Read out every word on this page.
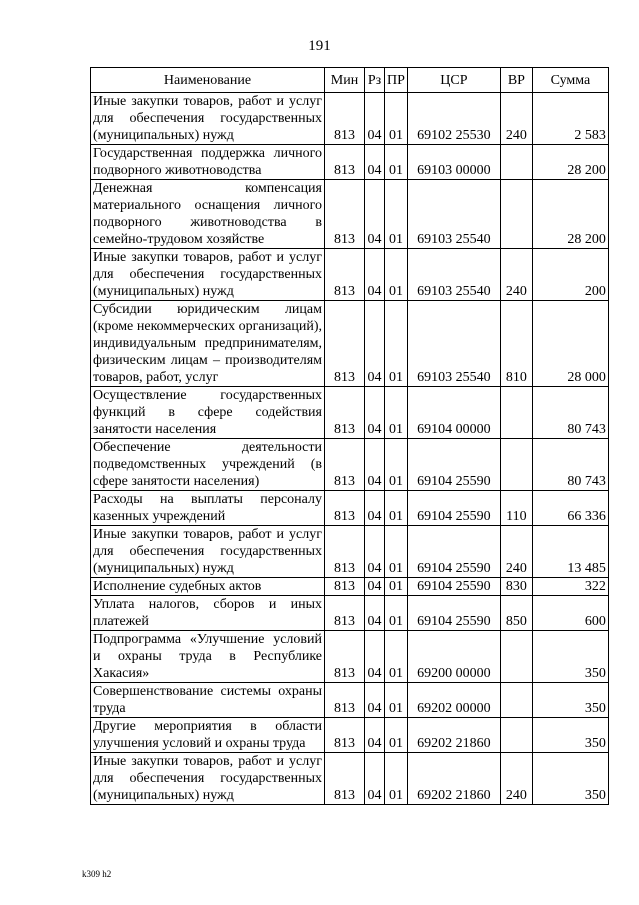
191
Наименование	Мин	Рз	ПР	ЦСР	ВР	Сумма
Иные закупки товаров, работ и услуг для обеспечения государственных (муниципальных) нужд	813	04	01	69102 25530	240	2 583
Государственная поддержка личного подворного животноводства	813	04	01	69103 00000		28 200
Денежная компенсация материального оснащения личного подворного животноводства в семейно-трудовом хозяйстве	813	04	01	69103 25540		28 200
Иные закупки товаров, работ и услуг для обеспечения государственных (муниципальных) нужд	813	04	01	69103 25540	240	200
Субсидии юридическим лицам (кроме некоммерческих организаций), индивидуальным предпринимателям, физическим лицам – производителям товаров, работ, услуг	813	04	01	69103 25540	810	28 000
Осуществление государственных функций в сфере содействия занятости населения	813	04	01	69104 00000		80 743
Обеспечение деятельности подведомственных учреждений (в сфере занятости населения)	813	04	01	69104 25590		80 743
Расходы на выплаты персоналу казенных учреждений	813	04	01	69104 25590	110	66 336
Иные закупки товаров, работ и услуг для обеспечения государственных (муниципальных) нужд	813	04	01	69104 25590	240	13 485
Исполнение судебных актов	813	04	01	69104 25590	830	322
Уплата налогов, сборов и иных платежей	813	04	01	69104 25590	850	600
Подпрограмма «Улучшение условий и охраны труда в Республике Хакасия»	813	04	01	69200 00000		350
Совершенствование системы охраны труда	813	04	01	69202 00000		350
Другие мероприятия в области улучшения условий и охраны труда	813	04	01	69202 21860		350
Иные закупки товаров, работ и услуг для обеспечения государственных (муниципальных) нужд	813	04	01	69202 21860	240	350
k309 h2
